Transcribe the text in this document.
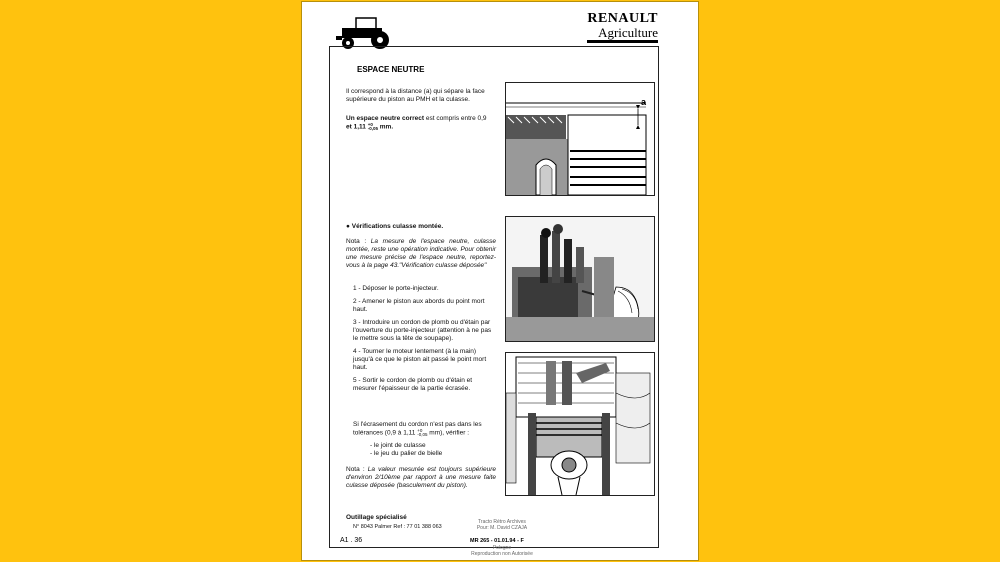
RENAULT
Agriculture
ESPACE NEUTRE
Il correspond à la distance (a) qui sépare la face supérieure du piston au PMH et la culasse.
Un espace neutre correct est compris entre 0,9
et 1,11 +0
-0,05 mm.
a
● Vérifications culasse montée.
Nota : La mesure de l'espace neutre, culasse montée, reste une opération indicative. Pour obtenir une mesure précise de l'espace neutre, reportez-vous à la page 43."Vérification culasse déposée"
1 - Déposer le porte-injecteur.
2 - Amener le piston aux abords du point mort haut.
3 - Introduire un cordon de plomb ou d'étain par l'ouverture du porte-injecteur (attention à ne pas le mettre sous la tête de soupape).
4 - Tourner le moteur lentement (à la main) jusqu'à ce que le piston ait passé le point mort haut.
5 - Sortir le cordon de plomb ou d'étain et mesurer l'épaisseur de la partie écrasée.
Si l'écrasement du cordon n'est pas dans les tolérances (0,9 à 1,11 +0
-0,05 mm), vérifier :
- le joint de culasse
- le jeu du palier de bielle
Nota : La valeur mesurée est toujours supérieure d'environ 2/10ème par rapport à une mesure faite culasse déposée (basculement du piston).
Outillage spécialisé
N° 8043 Palmer Ref : 77 01 388 063
Tracto Rétro Archives
Pour: M. David CZAJA
MR 265 - 01.01.94 - F
Pologne
Reproduction non Autorisée
A1 . 36
